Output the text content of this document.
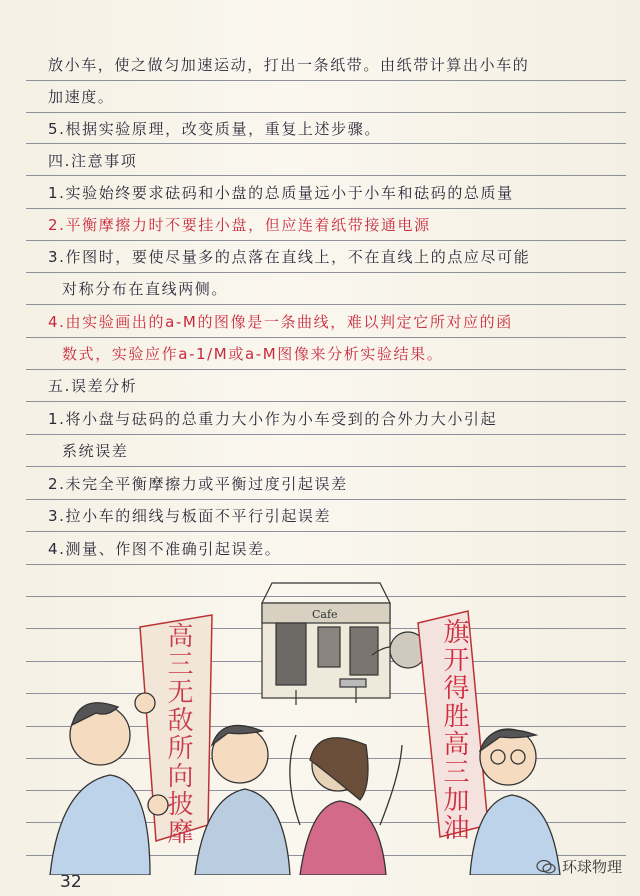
放小车，使之做匀加速运动，打出一条纸带。由纸带计算出小车的
加速度。
5.根据实验原理，改变质量，重复上述步骤。
四.注意事项
1.实验始终要求砝码和小盘的总质量远小于小车和砝码的总质量
2.平衡摩擦力时不要挂小盘，但应连着纸带接通电源
3.作图时，要使尽量多的点落在直线上，不在直线上的点应尽可能
对称分布在直线两侧。
4.由实验画出的a-M的图像是一条曲线，难以判定它所对应的函
数式，实验应作a-1/M或a-M图像来分析实验结果。
五.误差分析
1.将小盘与砝码的总重力大小作为小车受到的合外力大小引起
系统误差
2.未完全平衡摩擦力或平衡过度引起误差
3.拉小车的细线与板面不平行引起误差
4.测量、作图不准确引起误差。
Cafe
高三无敌所向披靡	旗开得胜高三加油
32
环球物理
